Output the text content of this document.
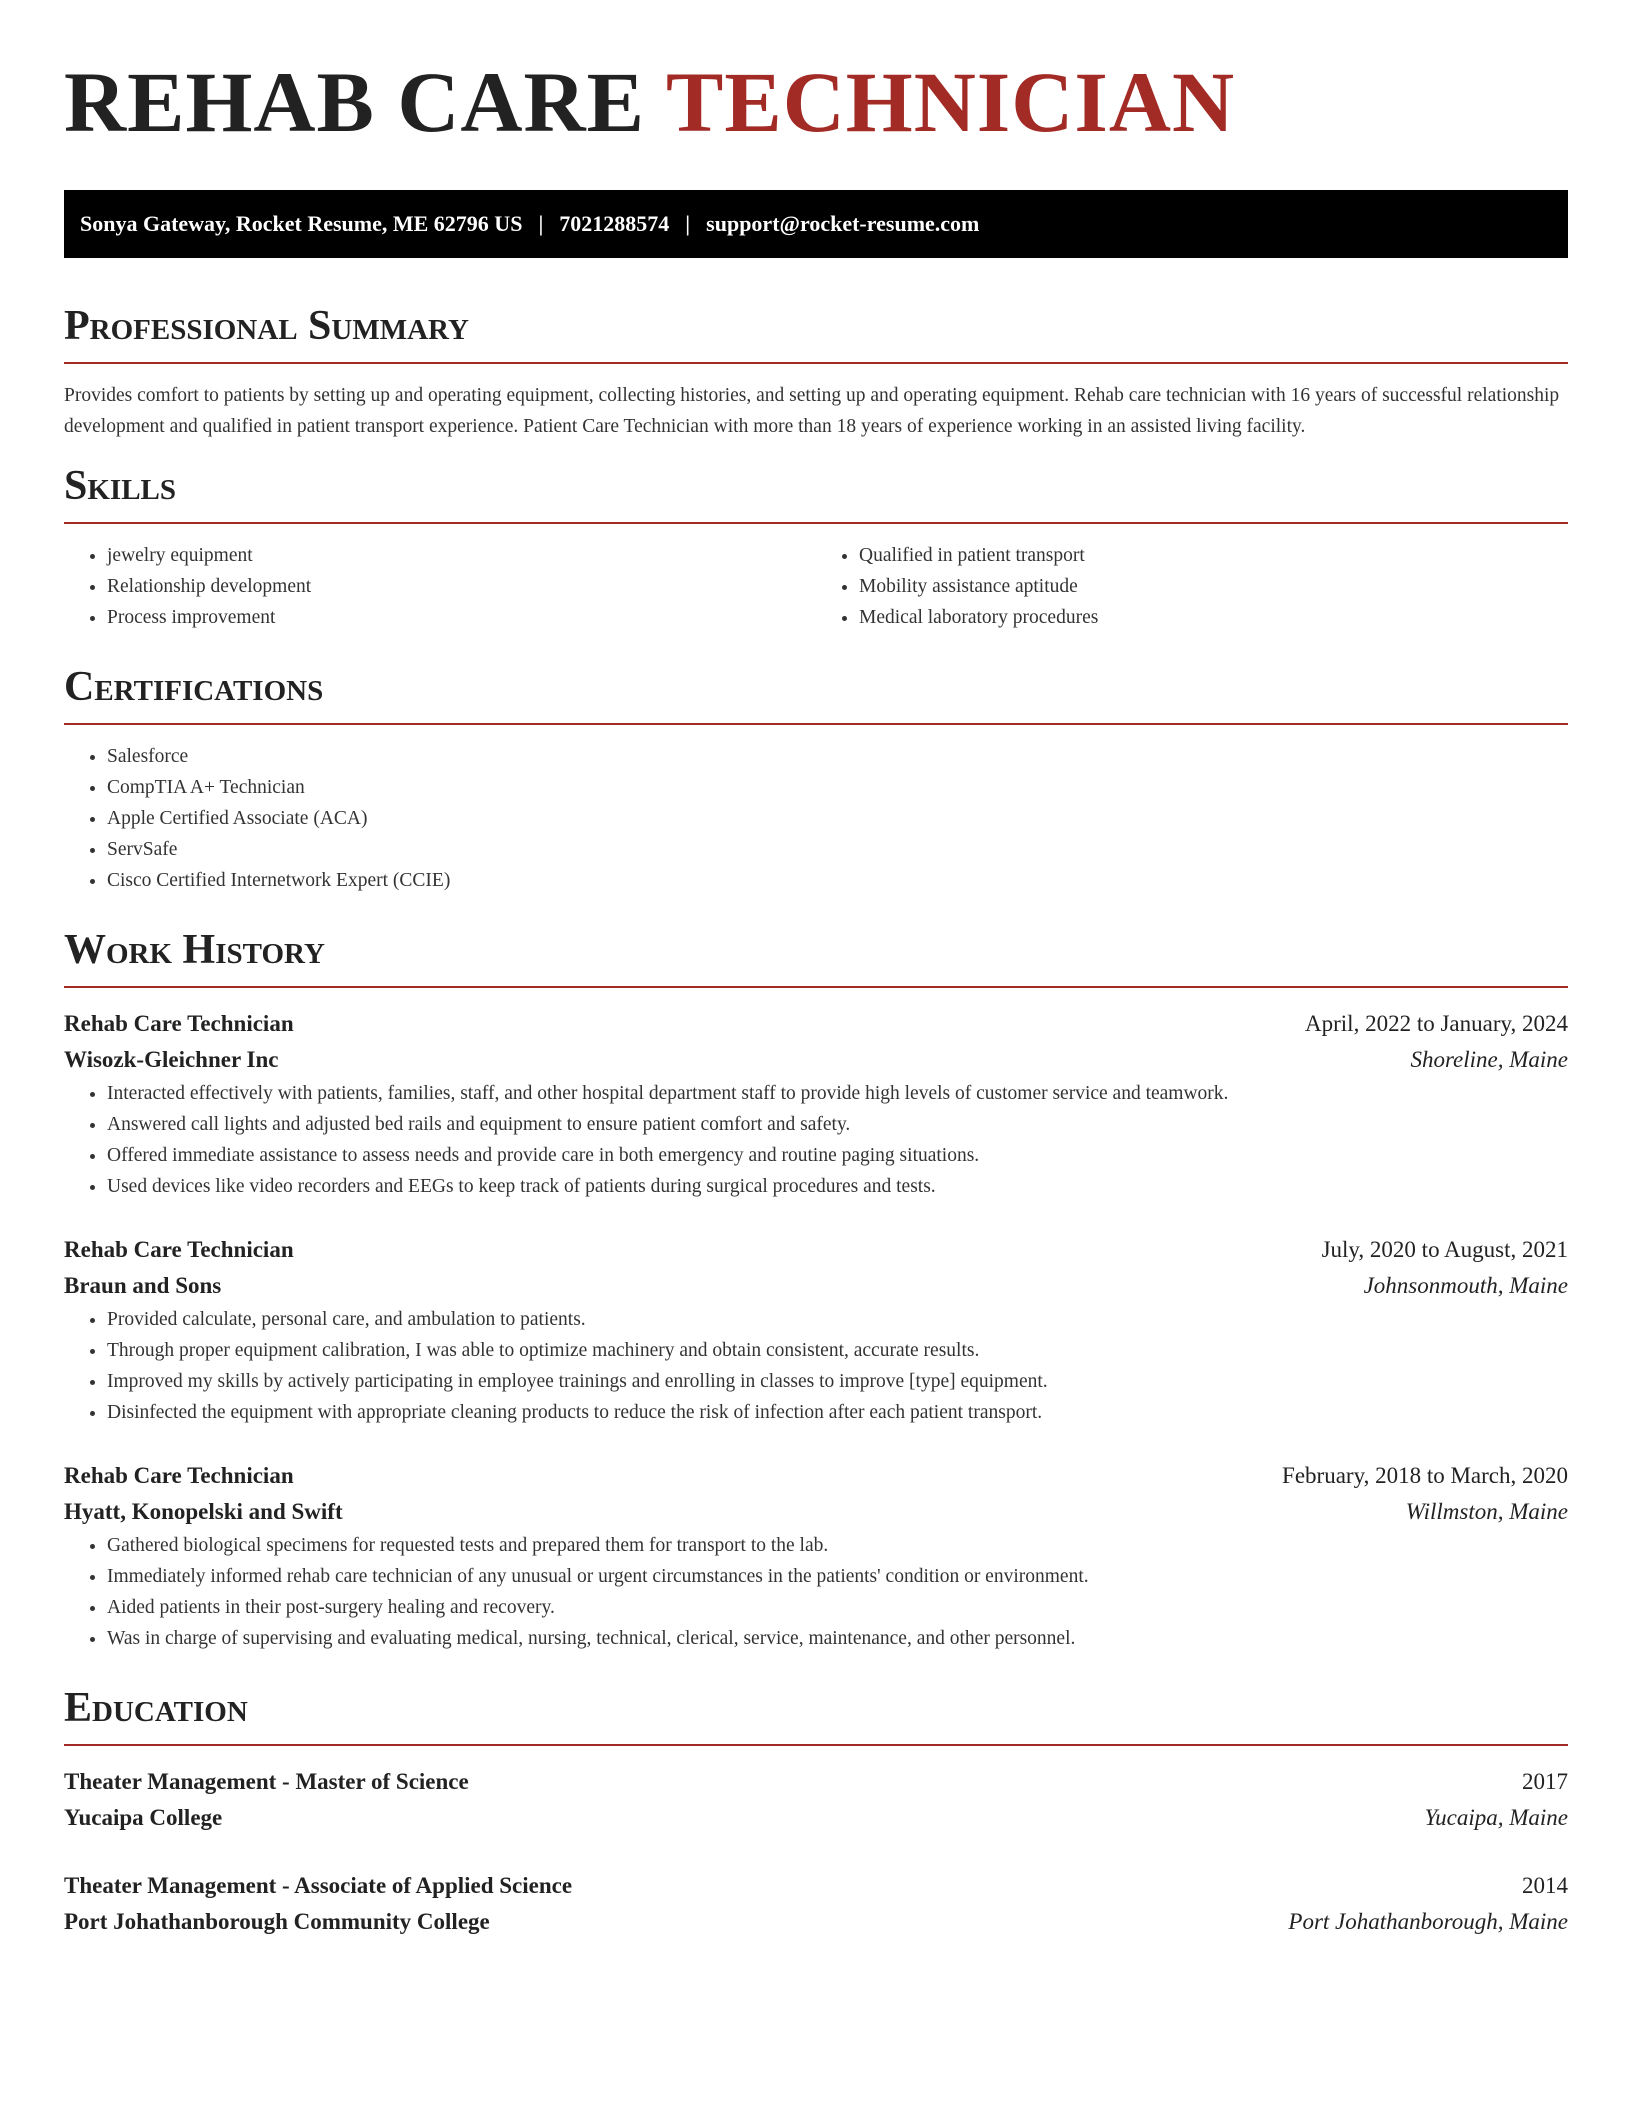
REHAB CARE TECHNICIAN
Sonya Gateway, Rocket Resume, ME 62796 US | 7021288574 | support@rocket-resume.com
Professional Summary

Provides comfort to patients by setting up and operating equipment, collecting histories, and setting up and operating equipment. Rehab care technician with 16 years of successful relationship development and qualified in patient transport experience. Patient Care Technician with more than 18 years of experience working in an assisted living facility.

Skills
• jewelry equipment
• Relationship development
• Process improvement
• Qualified in patient transport
• Mobility assistance aptitude
• Medical laboratory procedures
Certifications
• Salesforce
• CompTIA A+ Technician
• Apple Certified Associate (ACA)
• ServSafe
• Cisco Certified Internetwork Expert (CCIE)
Work History
Rehab Care Technician	April, 2022 to January, 2024
Wisozk-Gleichner Inc	Shoreline, Maine
• Interacted effectively with patients, families, staff, and other hospital department staff to provide high levels of customer service and teamwork.
• Answered call lights and adjusted bed rails and equipment to ensure patient comfort and safety.
• Offered immediate assistance to assess needs and provide care in both emergency and routine paging situations.
• Used devices like video recorders and EEGs to keep track of patients during surgical procedures and tests.
Rehab Care Technician	July, 2020 to August, 2021
Braun and Sons	Johnsonmouth, Maine
• Provided calculate, personal care, and ambulation to patients.
• Through proper equipment calibration, I was able to optimize machinery and obtain consistent, accurate results.
• Improved my skills by actively participating in employee trainings and enrolling in classes to improve [type] equipment.
• Disinfected the equipment with appropriate cleaning products to reduce the risk of infection after each patient transport.
Rehab Care Technician	February, 2018 to March, 2020
Hyatt, Konopelski and Swift	Willmston, Maine
• Gathered biological specimens for requested tests and prepared them for transport to the lab.
• Immediately informed rehab care technician of any unusual or urgent circumstances in the patients' condition or environment.
• Aided patients in their post-surgery healing and recovery.
• Was in charge of supervising and evaluating medical, nursing, technical, clerical, service, maintenance, and other personnel.
Education
Theater Management - Master of Science	2017
Yucaipa College	Yucaipa, Maine
Theater Management - Associate of Applied Science	2014
Port Johathanborough Community College	Port Johathanborough, Maine
